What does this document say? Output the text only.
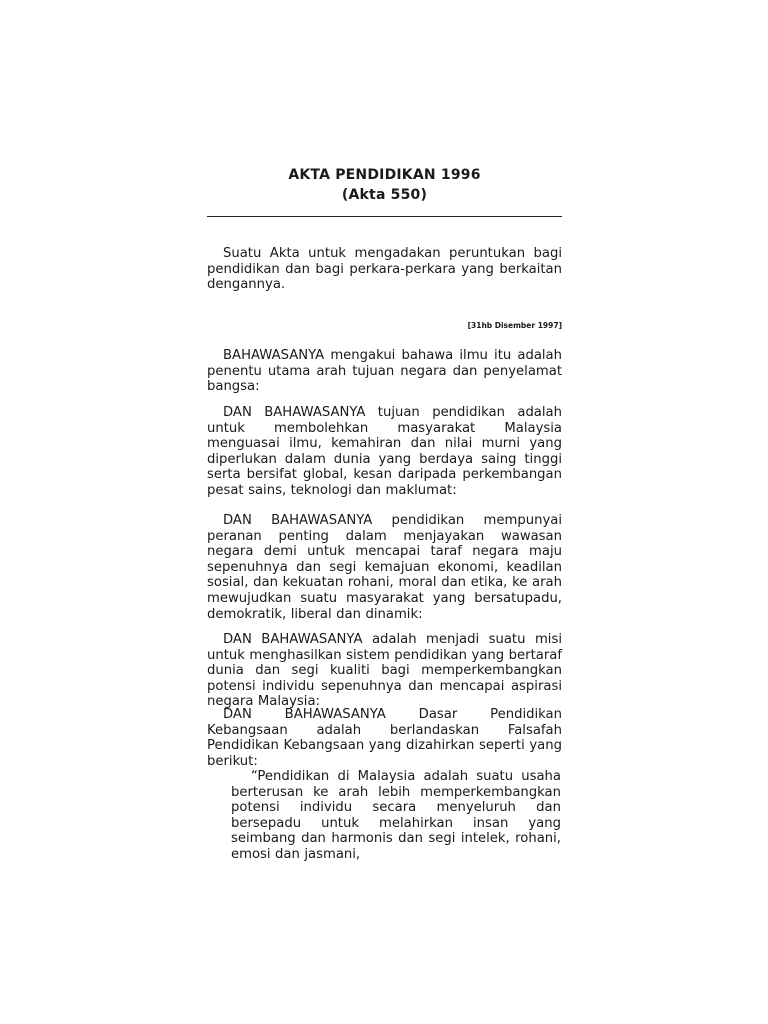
AKTA PENDIDIKAN 1996

(Akta 550)

Suatu Akta untuk mengadakan peruntukan bagi pendidikan dan bagi perkara-perkara yang berkaitan dengannya.

[31hb Disember 1997]

BAHAWASANYA mengakui bahawa ilmu itu adalah penentu utama arah tujuan negara dan penyelamat bangsa:

DAN BAHAWASANYA tujuan pendidikan adalah untuk membolehkan masyarakat Malaysia menguasai ilmu, kemahiran dan nilai murni yang diperlukan dalam dunia yang berdaya saing tinggi serta bersifat global, kesan daripada perkembangan pesat sains, teknologi dan maklumat:

DAN BAHAWASANYA pendidikan mempunyai peranan penting dalam menjayakan wawasan negara demi untuk mencapai taraf negara maju sepenuhnya dan segi kemajuan ekonomi, keadilan sosial, dan kekuatan rohani, moral dan etika, ke arah mewujudkan suatu masyarakat yang bersatupadu, demokratik, liberal dan dinamik:

DAN BAHAWASANYA adalah menjadi suatu misi untuk menghasilkan sistem pendidikan yang bertaraf dunia dan segi kualiti bagi memperkembangkan potensi individu sepenuhnya dan mencapai aspirasi negara Malaysia:

DAN BAHAWASANYA Dasar Pendidikan Kebangsaan adalah berlandaskan Falsafah Pendidikan Kebangsaan yang dizahirkan seperti yang berikut:

“Pendidikan di Malaysia adalah suatu usaha berterusan ke arah lebih memperkembangkan potensi individu secara menyeluruh dan bersepadu untuk melahirkan insan yang seimbang dan harmonis dan segi intelek, rohani, emosi dan jasmani,
